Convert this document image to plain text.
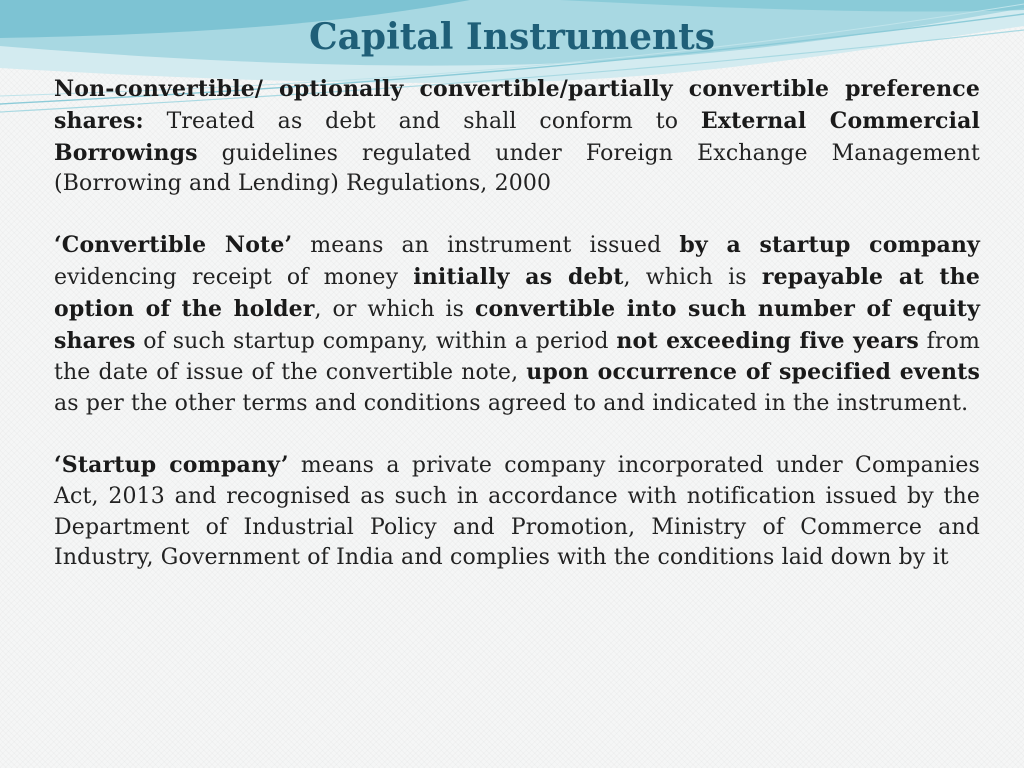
Capital Instruments

Non-convertible/ optionally convertible/partially convertible preference shares: Treated as debt and shall conform to External Commercial Borrowings guidelines regulated under Foreign Exchange Management (Borrowing and Lending) Regulations, 2000

‘Convertible Note’ means an instrument issued by a startup company evidencing receipt of money initially as debt, which is repayable at the option of the holder, or which is convertible into such number of equity shares of such startup company, within a period not exceeding five years from the date of issue of the convertible note, upon occurrence of specified events as per the other terms and conditions agreed to and indicated in the instrument.

‘Startup company’ means a private company incorporated under Companies Act, 2013 and recognised as such in accordance with notification issued by the Department of Industrial Policy and Promotion, Ministry of Commerce and Industry, Government of India and complies with the conditions laid down by it
